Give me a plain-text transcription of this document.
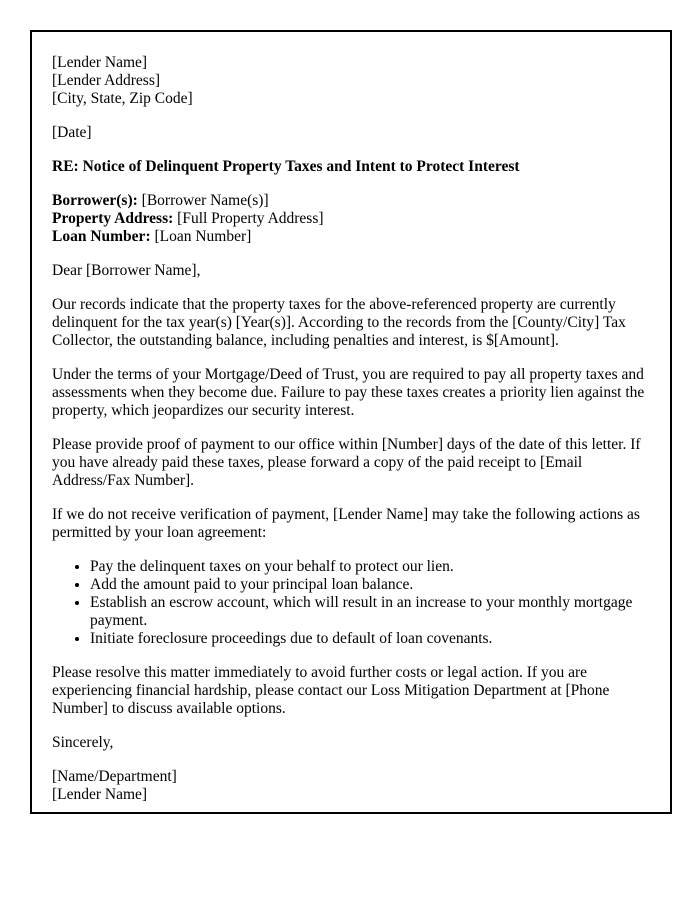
[Lender Name]
[Lender Address]
[City, State, Zip Code]
[Date]
RE: Notice of Delinquent Property Taxes and Intent to Protect Interest
Borrower(s): [Borrower Name(s)]
Property Address: [Full Property Address]
Loan Number: [Loan Number]
Dear [Borrower Name],
Our records indicate that the property taxes for the above-referenced property are currently delinquent for the tax year(s) [Year(s)]. According to the records from the [County/City] Tax Collector, the outstanding balance, including penalties and interest, is $[Amount].
Under the terms of your Mortgage/Deed of Trust, you are required to pay all property taxes and assessments when they become due. Failure to pay these taxes creates a priority lien against the property, which jeopardizes our security interest.
Please provide proof of payment to our office within [Number] days of the date of this letter. If you have already paid these taxes, please forward a copy of the paid receipt to [Email Address/Fax Number].
If we do not receive verification of payment, [Lender Name] may take the following actions as permitted by your loan agreement:
• Pay the delinquent taxes on your behalf to protect our lien.
• Add the amount paid to your principal loan balance.
• Establish an escrow account, which will result in an increase to your monthly mortgage payment.
• Initiate foreclosure proceedings due to default of loan covenants.
Please resolve this matter immediately to avoid further costs or legal action. If you are experiencing financial hardship, please contact our Loss Mitigation Department at [Phone Number] to discuss available options.
Sincerely,
[Name/Department]
[Lender Name]
